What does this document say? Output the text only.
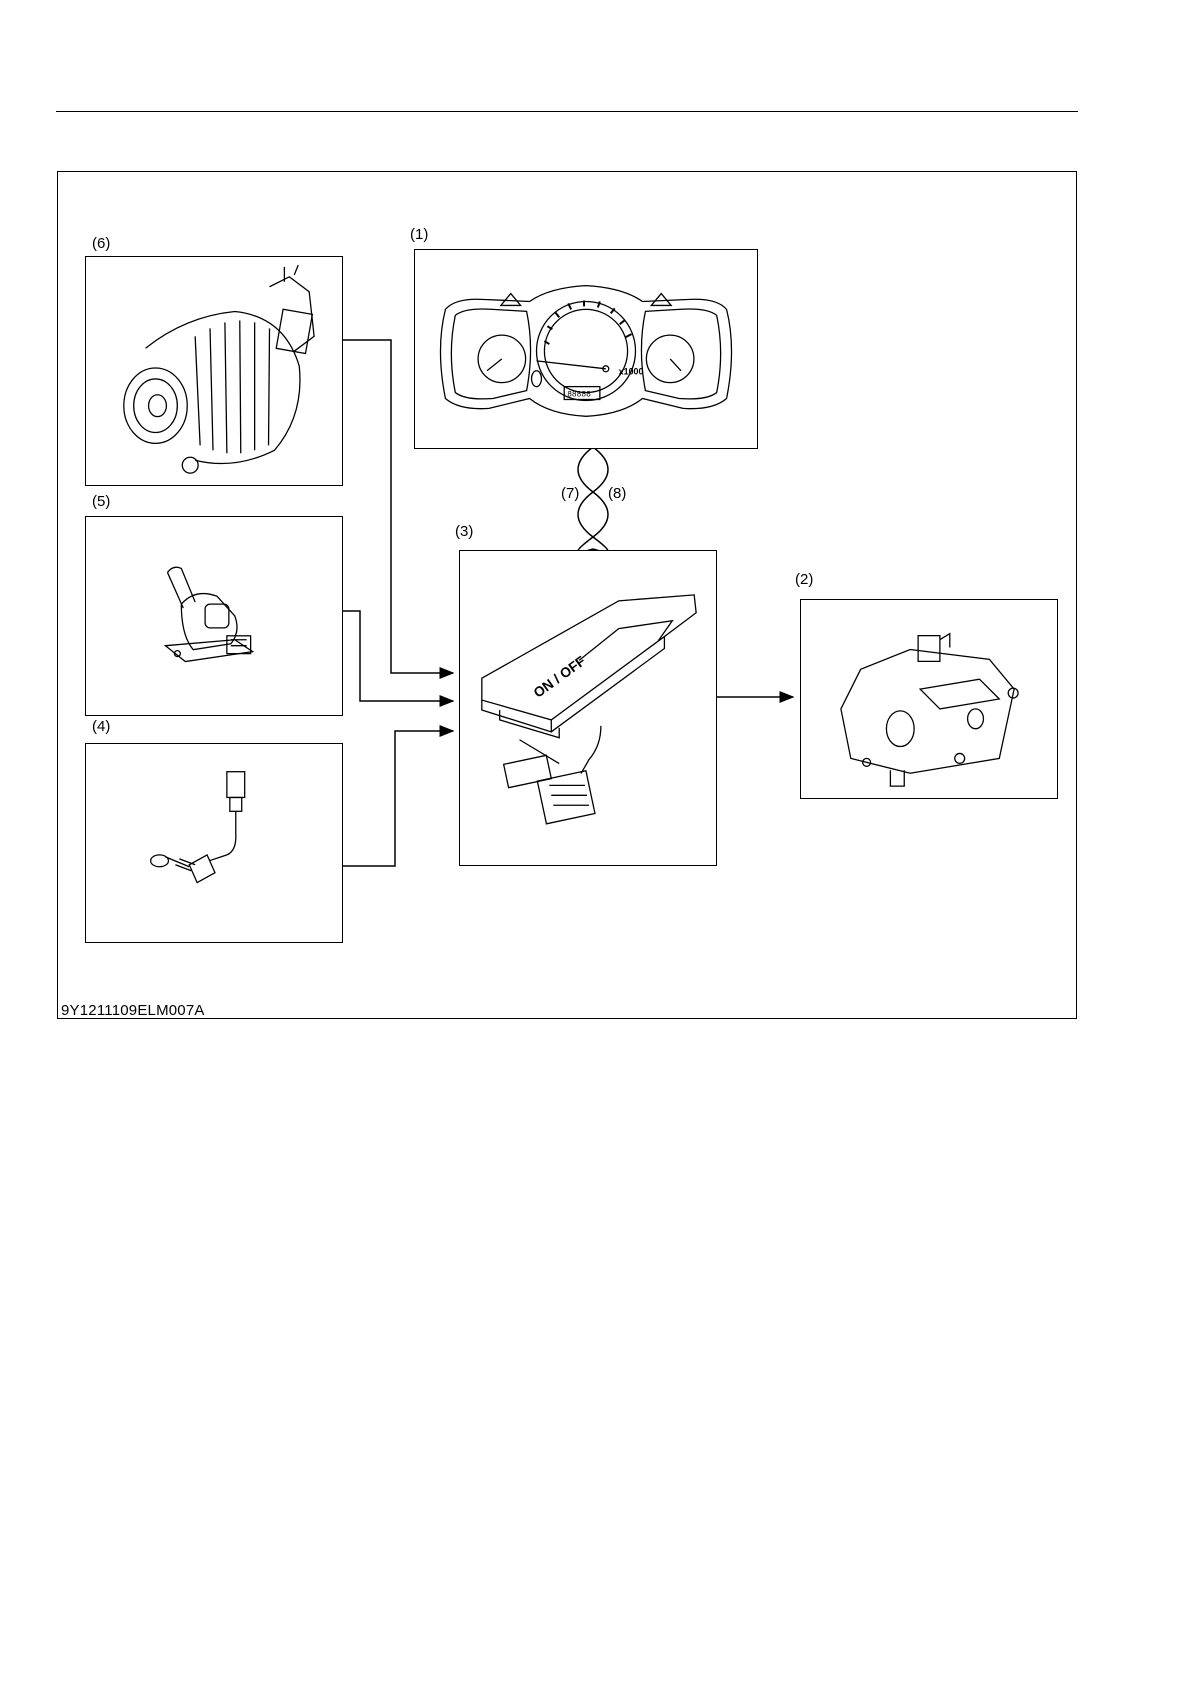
(1)
(6)
(5)
(4)
(3)
(2)
(7) (8)
x1000
88888
ON / OFF
9Y1211109ELM007A
